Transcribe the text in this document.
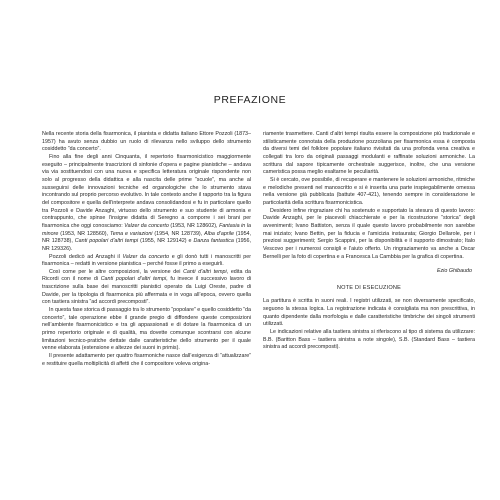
PREFAZIONE

Nella recente storia della fisarmonica, il pianista e didatta italiano Ettore Pozzoli (1873–1957) ha avuto senza dubbio un ruolo di rilevanza nello sviluppo dello strumento cosiddetto “da concerto”.

Fino alla fine degli anni Cinquanta, il repertorio fisarmonicistico maggiormente eseguito – principalmente trascrizioni di sinfonie d’opera e pagine pianistiche – andava via via sostituendosi con una nuova e specifica letteratura originale rispondente non solo al progresso della didattica e alla nascita delle prime “scuole”, ma anche al susseguirsi delle innovazioni tecniche ed organologiche che lo strumento stava incontrando sul proprio percorso evolutivo. In tale contesto anche il rapporto tra la figura del compositore e quella dell’interprete andava consolidandosi e fu in particolare quello tra Pozzoli e Davide Anzaghi, virtuoso dello strumento e suo studente di armonia e contrappunto, che spinse l’insigne didatta di Seregno a comporre i sei brani per fisarmonica che oggi conosciamo: Valzer da concerto (1953, NR 128602), Fantasia in la minore (1953, NR 128560), Tema e variazioni (1954, NR 128739), Alba d’aprile (1954, NR 128738), Canti popolari d’altri tempi (1955, NR 129142) e Danza fantastica (1956, NR 129326).

Pozzoli dedicò ad Anzaghi il Valzer da concerto e gli donò tutti i manoscritti per fisarmonica – redatti in versione pianistica – perché fosse il primo a eseguirli.

Così come per le altre composizioni, la versione dei Canti d’altri tempi, edita da Ricordi con il nome di Canti popolari d’altri tempi, fu invece il successivo lavoro di trascrizione sulla base dei manoscritti pianistici operato da Luigi Oreste, padre di Davide, per la tipologia di fisarmonica più affermata e in voga all’epoca, ovvero quella con tastiera sinistra “ad accordi precomposti”.

In questa fase storica di passaggio tra lo strumento “popolare” e quello cosiddetto “da concerto”, tale operazione ebbe il grande pregio di diffondere queste composizioni nell’ambiente fisarmonicistico e tra gli appassionati e di dotare la fisarmonica di un primo repertorio originale e di qualità, ma dovette comunque scontrarsi con alcune limitazioni tecnico-pratiche dettate dalle caratteristiche dello strumento per il quale venne elaborata (estensione e altezze dei suoni in primis).

Il presente adattamento per quattro fisarmoniche nasce dall’esigenza di “attualizzare” e restituire quella moltiplicità di affetti che il compositore voleva origina-

riamente trasmettere. Canti d’altri tempi risulta essere la composizione più tradizionale e stilisticamente connotata della produzione pozzoliana per fisarmonica essa è composta da diversi temi del folklore popolare italiano rivisitati da una profonda vena creativa e collegati tra loro da originali passaggi modulanti e raffinate soluzioni armoniche. La scrittura dal sapore tipicamente orchestrale suggerisce, inoltre, che una versione cameristica possa meglio esaltarne le peculiarità.

Si è cercato, ove possibile, di recuperare e mantenere le soluzioni armoniche, ritmiche e melodiche presenti nel manoscritto e si è inserita una parte inspiegabilmente omessa nella versione già pubblicata (battute 407-421), tenendo sempre in considerazione le particolarità della scrittura fisarmonicistica.

Desidero infine ringraziare chi ha sostenuto e supportato la stesura di questo lavoro: Davide Anzaghi, per le piacevoli chiacchierate e per la ricostruzione “storica” degli avvenimenti; Ivano Battiston, senza il quale questo lavoro probabilmente non sarebbe mai iniziato; Ivano Bettin, per la fiducia e l’amicizia instaurata; Giorgio Dellarole, per i preziosi suggerimenti; Sergio Scappini, per la disponibilità e il supporto dimostrato; Italo Vescovo per i numerosi consigli e l’aiuto offerto. Un ringraziamento va anche a Oscar Bernelli per la foto di copertina e a Francesca La Cambbia per la grafica di copertina.

Ezio Ghibaudo

NOTE DI ESECUZIONE

La partitura è scritta in suoni reali. I registri utilizzati, se non diversamente specificato, seguono la stessa logica. La registrazione indicata è consigliata ma non prescrittiva, in quanto dipendente dalla morfologia e dalle caratteristiche timbriche dei singoli strumenti utilizzati.

Le indicazioni relative alla tastiera sinistra si riferiscono al tipo di sistema da utilizzare: B.B. (Baritton Bass – tastiera sinistra a note singole), S.B. (Standard Bass – tastiera sinistra ad accordi precomposti).
